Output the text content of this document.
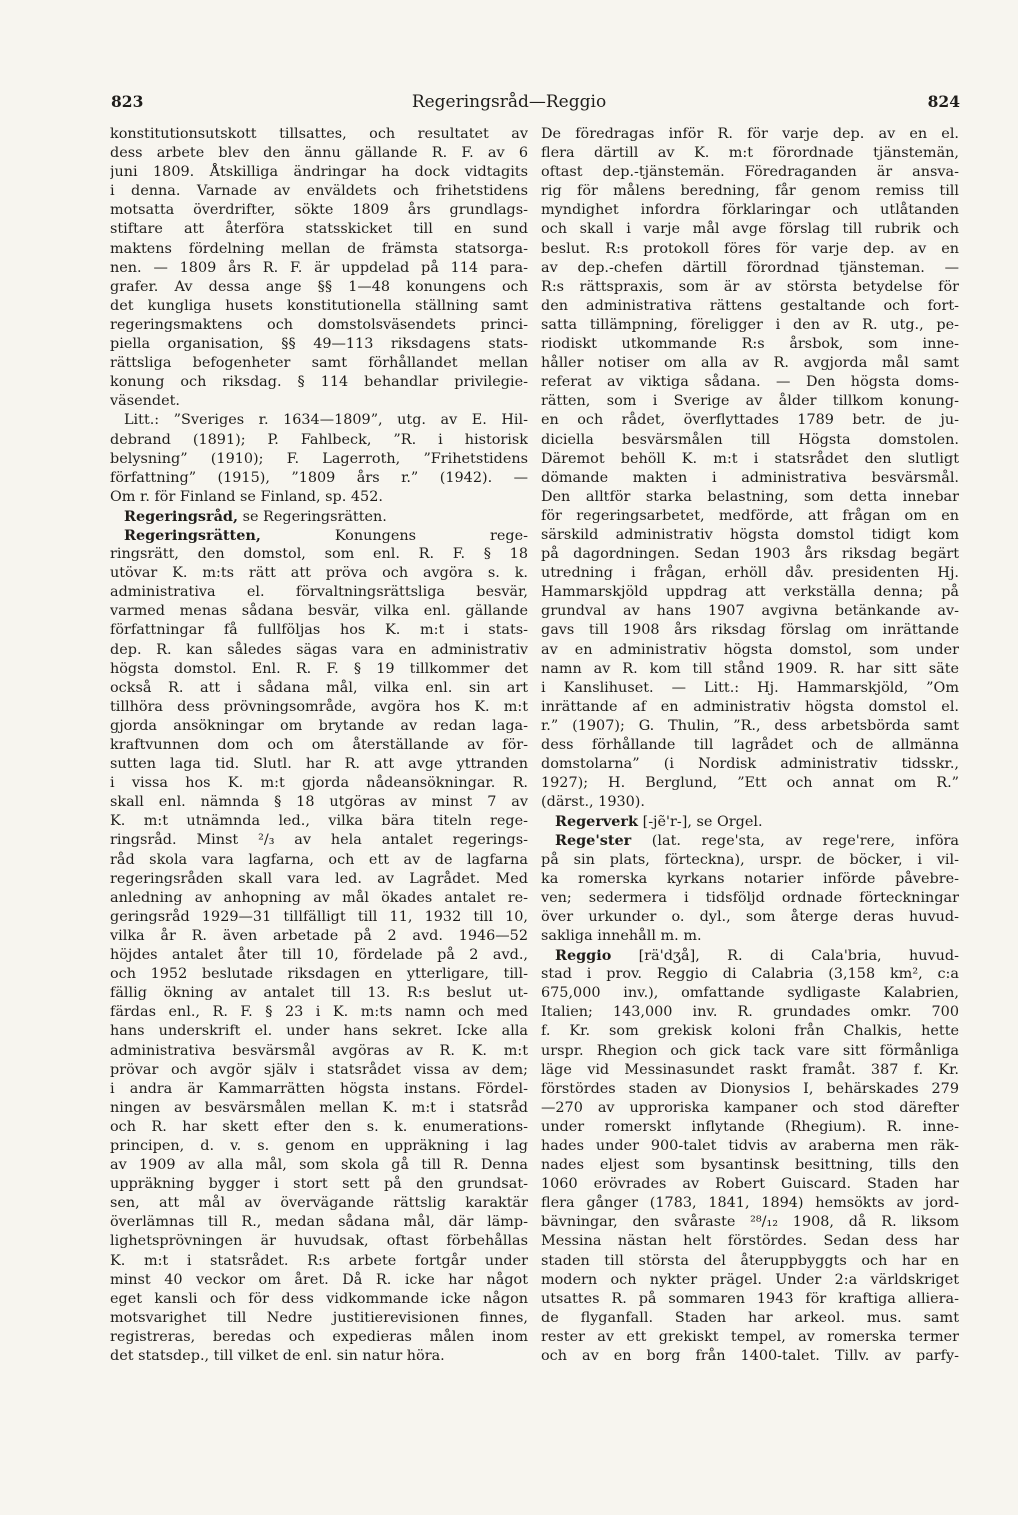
823	Regeringsråd—Reggio	824
konstitutionsutskott tillsattes, och resultatet av
dess arbete blev den ännu gällande R. F. av 6
juni 1809. Åtskilliga ändringar ha dock vidtagits
i denna. Varnade av enväldets och frihetstidens
motsatta överdrifter, sökte 1809 års grundlags-
stiftare att återföra statsskicket till en sund
maktens fördelning mellan de främsta statsorga-
nen. — 1809 års R. F. är uppdelad på 114 para-
grafer. Av dessa ange §§ 1—48 konungens och
det kungliga husets konstitutionella ställning samt
regeringsmaktens och domstolsväsendets princi-
piella organisation, §§ 49—113 riksdagens stats-
rättsliga befogenheter samt förhållandet mellan
konung och riksdag. § 114 behandlar privilegie-
väsendet.
Litt.: ”Sveriges r. 1634—1809”, utg. av E. Hil-
debrand (1891); P. Fahlbeck, ”R. i historisk
belysning” (1910); F. Lagerroth, ”Frihetstidens
författning” (1915), ”1809 års r.” (1942). —
Om r. för Finland se Finland, sp. 452.
Regeringsråd, se Regeringsrätten.
Regeringsrätten, Konungens rege-
ringsrätt, den domstol, som enl. R. F. § 18
utövar K. m:ts rätt att pröva och avgöra s. k.
administrativa el. förvaltningsrättsliga besvär,
varmed menas sådana besvär, vilka enl. gällande
författningar få fullföljas hos K. m:t i stats-
dep. R. kan således sägas vara en administrativ
högsta domstol. Enl. R. F. § 19 tillkommer det
också R. att i sådana mål, vilka enl. sin art
tillhöra dess prövningsområde, avgöra hos K. m:t
gjorda ansökningar om brytande av redan laga-
kraftvunnen dom och om återställande av för-
sutten laga tid. Slutl. har R. att avge yttranden
i vissa hos K. m:t gjorda nådeansökningar. R.
skall enl. nämnda § 18 utgöras av minst 7 av
K. m:t utnämnda led., vilka bära titeln rege-
ringsråd. Minst ²/₃ av hela antalet regerings-
råd skola vara lagfarna, och ett av de lagfarna
regeringsråden skall vara led. av Lagrådet. Med
anledning av anhopning av mål ökades antalet re-
geringsråd 1929—31 tillfälligt till 11, 1932 till 10,
vilka år R. även arbetade på 2 avd. 1946—52
höjdes antalet åter till 10, fördelade på 2 avd.,
och 1952 beslutade riksdagen en ytterligare, till-
fällig ökning av antalet till 13. R:s beslut ut-
färdas enl., R. F. § 23 i K. m:ts namn och med
hans underskrift el. under hans sekret. Icke alla
administrativa besvärsmål avgöras av R. K. m:t
prövar och avgör själv i statsrådet vissa av dem;
i andra är Kammarrätten högsta instans. Fördel-
ningen av besvärsmålen mellan K. m:t i statsråd
och R. har skett efter den s. k. enumerations-
principen, d. v. s. genom en uppräkning i lag
av 1909 av alla mål, som skola gå till R. Denna
uppräkning bygger i stort sett på den grundsat-
sen, att mål av övervägande rättslig karaktär
överlämnas till R., medan sådana mål, där lämp-
lighetsprövningen är huvudsak, oftast förbehållas
K. m:t i statsrådet. R:s arbete fortgår under
minst 40 veckor om året. Då R. icke har något
eget kansli och för dess vidkommande icke någon
motsvarighet till Nedre justitierevisionen finnes,
registreras, beredas och expedieras målen inom
det statsdep., till vilket de enl. sin natur höra.
De föredragas inför R. för varje dep. av en el.
flera därtill av K. m:t förordnade tjänstemän,
oftast dep.-tjänstemän. Föredraganden är ansva-
rig för målens beredning, får genom remiss till
myndighet infordra förklaringar och utlåtanden
och skall i varje mål avge förslag till rubrik och
beslut. R:s protokoll föres för varje dep. av en
av dep.-chefen därtill förordnad tjänsteman. —
R:s rättspraxis, som är av största betydelse för
den administrativa rättens gestaltande och fort-
satta tillämpning, föreligger i den av R. utg., pe-
riodiskt utkommande R:s årsbok, som inne-
håller notiser om alla av R. avgjorda mål samt
referat av viktiga sådana. — Den högsta doms-
rätten, som i Sverige av ålder tillkom konung-
en och rådet, överflyttades 1789 betr. de ju-
diciella besvärsmålen till Högsta domstolen.
Däremot behöll K. m:t i statsrådet den slutligt
dömande makten i administrativa besvärsmål.
Den alltför starka belastning, som detta innebar
för regeringsarbetet, medförde, att frågan om en
särskild administrativ högsta domstol tidigt kom
på dagordningen. Sedan 1903 års riksdag begärt
utredning i frågan, erhöll dåv. presidenten Hj.
Hammarskjöld uppdrag att verkställa denna; på
grundval av hans 1907 avgivna betänkande av-
gavs till 1908 års riksdag förslag om inrättande
av en administrativ högsta domstol, som under
namn av R. kom till stånd 1909. R. har sitt säte
i Kanslihuset. — Litt.: Hj. Hammarskjöld, ”Om
inrättande af en administrativ högsta domstol el.
r.” (1907); G. Thulin, ”R., dess arbetsbörda samt
dess förhållande till lagrådet och de allmänna
domstolarna” (i Nordisk administrativ tidsskr.,
1927); H. Berglund, ”Ett och annat om R.”
(därst., 1930).
Regerverk [-jẽ'r-], se Orgel.
Rege'ster (lat. rege'sta, av rege'rere, införa
på sin plats, förteckna), urspr. de böcker, i vil-
ka romerska kyrkans notarier införde påvebre-
ven; sedermera i tidsföljd ordnade förteckningar
över urkunder o. dyl., som återge deras huvud-
sakliga innehåll m. m.
Reggio [rä'dʒå], R. di Cala'bria, huvud-
stad i prov. Reggio di Calabria (3,158 km², c:a
675,000 inv.), omfattande sydligaste Kalabrien,
Italien; 143,000 inv. R. grundades omkr. 700
f. Kr. som grekisk koloni från Chalkis, hette
urspr. Rhegion och gick tack vare sitt förmånliga
läge vid Messinasundet raskt framåt. 387 f. Kr.
förstördes staden av Dionysios I, behärskades 279
—270 av upproriska kampaner och stod därefter
under romerskt inflytande (Rhegium). R. inne-
hades under 900-talet tidvis av araberna men räk-
nades eljest som bysantinsk besittning, tills den
1060 erövrades av Robert Guiscard. Staden har
flera gånger (1783, 1841, 1894) hemsökts av jord-
bävningar, den svåraste ²⁸/₁₂ 1908, då R. liksom
Messina nästan helt förstördes. Sedan dess har
staden till största del återuppbyggts och har en
modern och nykter prägel. Under 2:a världskriget
utsattes R. på sommaren 1943 för kraftiga alliera-
de flyganfall. Staden har arkeol. mus. samt
rester av ett grekiskt tempel, av romerska termer
och av en borg från 1400-talet. Tillv. av parfy-
